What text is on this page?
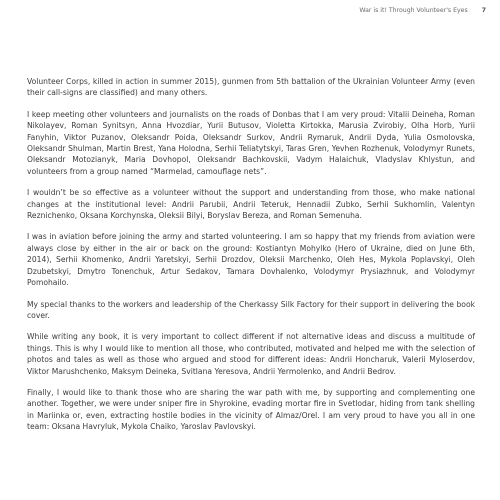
War is it! Through Volunteer's Eyes 7

Volunteer Corps, killed in action in summer 2015), gunmen from 5th battalion of the Ukrainian Volunteer Army (even their call-signs are classified) and many others.

I keep meeting other volunteers and journalists on the roads of Donbas that I am very proud: Vitalii Deineha, Roman Nikolayev, Roman Synitsyn, Anna Hvozdiar, Yurii Butusov, Violetta Kirtokka, Marusia Zvirobiy, Olha Horb, Yurii Fanyhin, Viktor Puzanov, Oleksandr Poida, Oleksandr Surkov, Andrii Rymaruk, Andrii Dyda, Yulia Osmolovska, Oleksandr Shulman, Martin Brest, Yana Holodna, Serhii Teliatytskyi, Taras Gren, Yevhen Rozhenuk, Volodymyr Runets, Oleksandr Motozianyk, Maria Dovhopol, Oleksandr Bachkovskii, Vadym Halaichuk, Vladyslav Khlystun, and volunteers from a group named “Marmelad, camouflage nets”.

I wouldn’t be so effective as a volunteer without the support and understanding from those, who make national changes at the institutional level: Andrii Parubii, Andrii Teteruk, Hennadii Zubko, Serhii Sukhomlin, Valentyn Reznichenko, Oksana Korchynska, Oleksii Bilyi, Boryslav Bereza, and Roman Semenuha.

I was in aviation before joining the army and started volunteering. I am so happy that my friends from aviation were always close by either in the air or back on the ground: Kostiantyn Mohylko (Hero of Ukraine, died on June 6th, 2014), Serhii Khomenko, Andrii Yaretskyi, Serhii Drozdov, Oleksii Marchenko, Oleh Hes, Mykola Poplavskyi, Oleh Dzubetskyi, Dmytro Tonenchuk, Artur Sedakov, Tamara Dovhalenko, Volodymyr Prysiazhnuk, and Volodymyr Pomohailo.

My special thanks to the workers and leadership of the Cherkassy Silk Factory for their support in delivering the book cover.

While writing any book, it is very important to collect different if not alternative ideas and discuss a multitude of things. This is why I would like to mention all those, who contributed, motivated and helped me with the selection of photos and tales as well as those who argued and stood for different ideas: Andrii Honcharuk, Valerii Myloserdov, Viktor Marushchenko, Maksym Deineka, Svitlana Yeresova, Andrii Yermolenko, and Andrii Bedrov.

Finally, I would like to thank those who are sharing the war path with me, by supporting and complementing one another. Together, we were under sniper fire in Shyrokine, evading mortar fire in Svetlodar, hiding from tank shelling in Mariinka or, even, extracting hostile bodies in the vicinity of Almaz/Orel. I am very proud to have you all in one team: Oksana Havryluk, Mykola Chaiko, Yaroslav Pavlovskyi.
